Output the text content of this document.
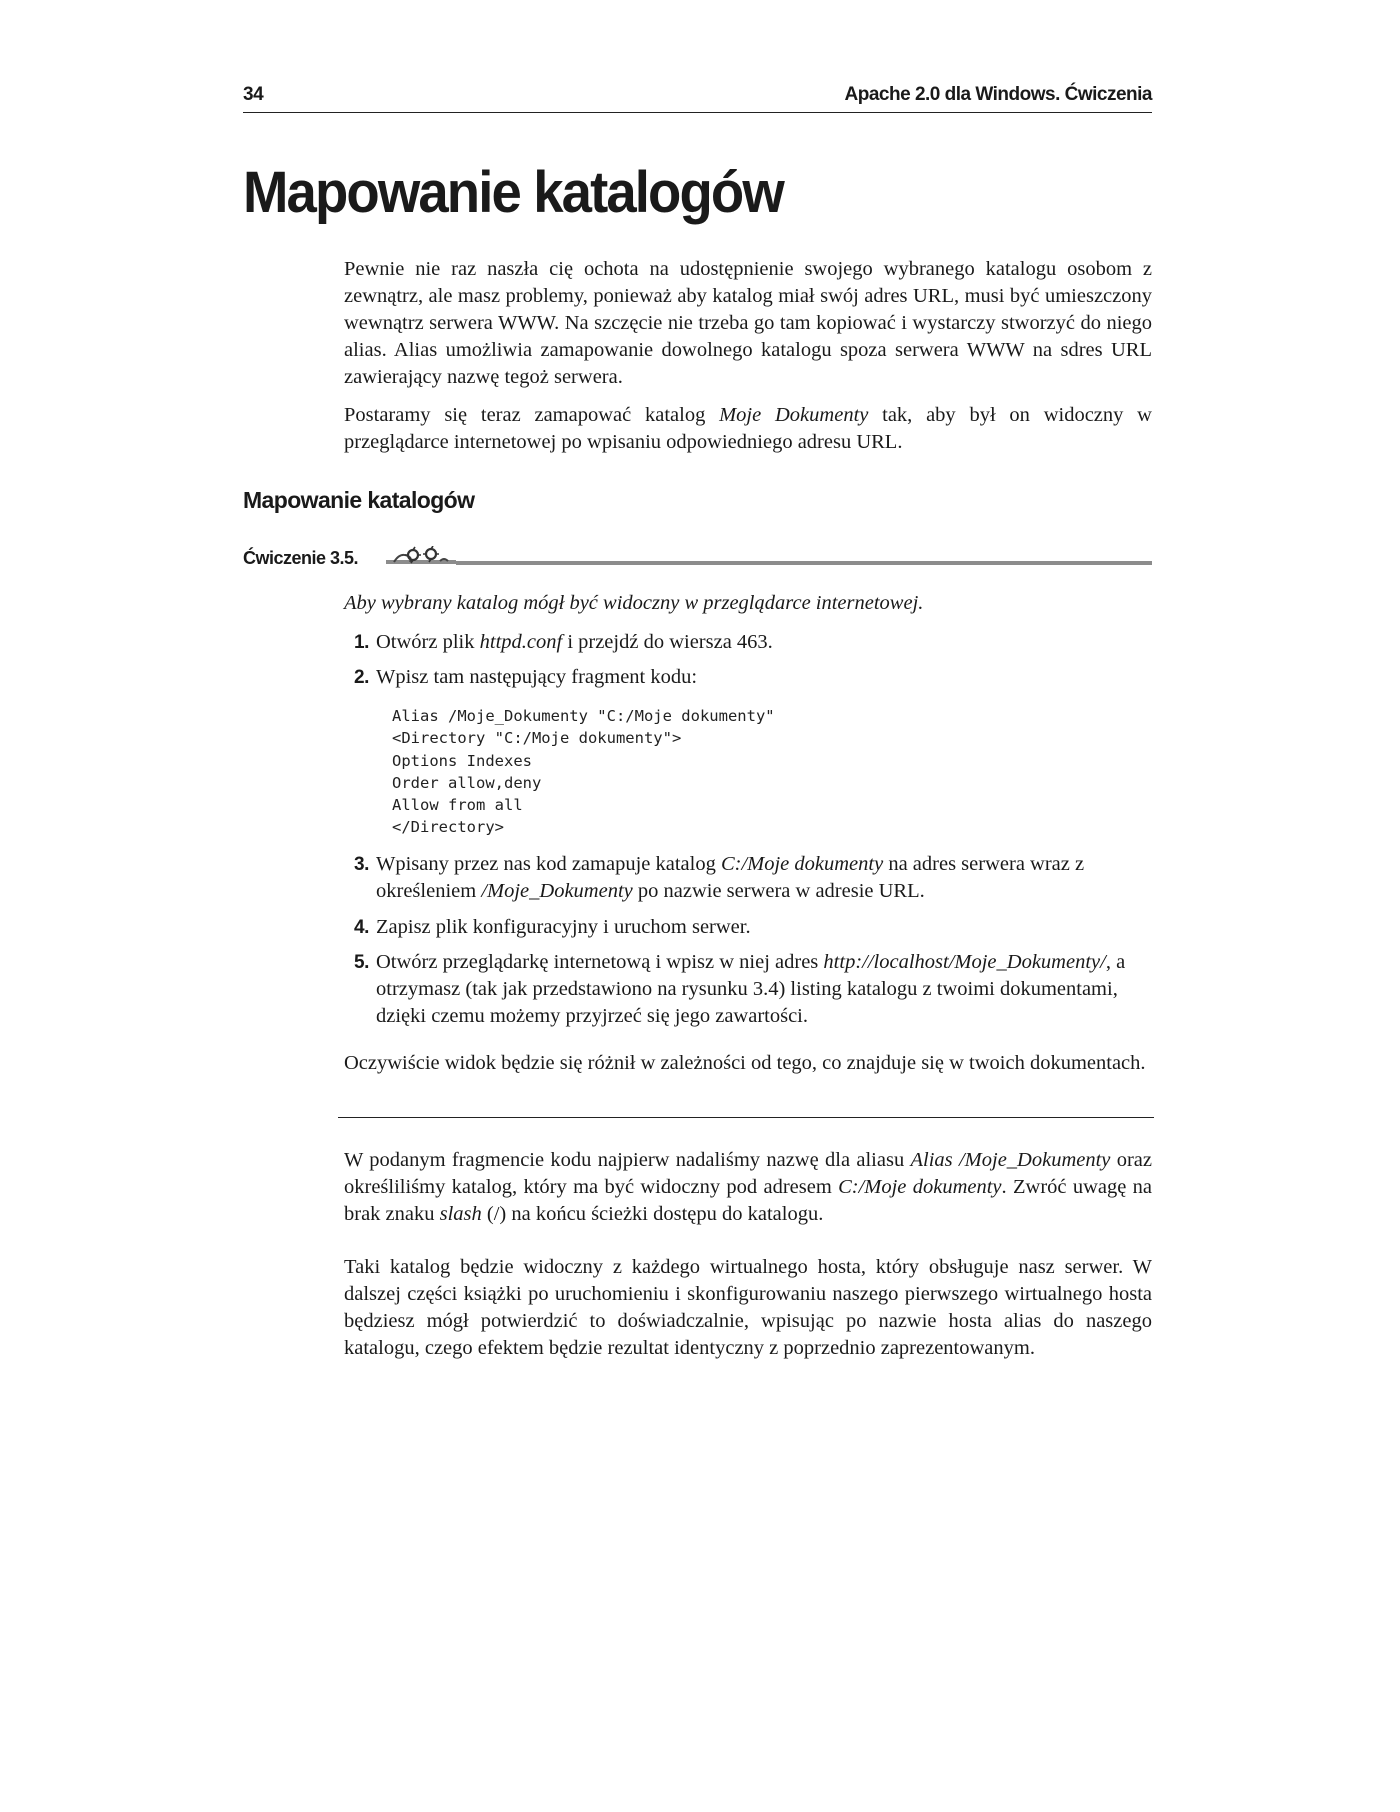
34	Apache 2.0 dla Windows. Ćwiczenia
Mapowanie katalogów

Pewnie nie raz naszła cię ochota na udostępnienie swojego wybranego katalogu osobom z zewnątrz, ale masz problemy, ponieważ aby katalog miał swój adres URL, musi być umieszczony wewnątrz serwera WWW. Na szczęcie nie trzeba go tam kopiować i wystarczy stworzyć do niego alias. Alias umożliwia zamapowanie dowolnego katalogu spoza serwera WWW na sdres URL zawierający nazwę tegoż serwera.

Postaramy się teraz zamapować katalog Moje Dokumenty tak, aby był on widoczny w przeglądarce internetowej po wpisaniu odpowiedniego adresu URL.

Mapowanie katalogów
Ćwiczenie 3.5.
Aby wybrany katalog mógł być widoczny w przeglądarce internetowej.
1. Otwórz plik httpd.conf i przejdź do wiersza 463.
2. Wpisz tam następujący fragment kodu:
Alias /Moje_Dokumenty "C:/Moje dokumenty"
<Directory "C:/Moje dokumenty">
Options Indexes
Order allow,deny
Allow from all
</Directory>
3. Wpisany przez nas kod zamapuje katalog C:/Moje dokumenty na adres serwera wraz z określeniem /Moje_Dokumenty po nazwie serwera w adresie URL.
4. Zapisz plik konfiguracyjny i uruchom serwer.
5. Otwórz przeglądarkę internetową i wpisz w niej adres http://localhost/Moje_Dokumenty/, a otrzymasz (tak jak przedstawiono na rysunku 3.4) listing katalogu z twoimi dokumentami, dzięki czemu możemy przyjrzeć się jego zawartości.

Oczywiście widok będzie się różnił w zależności od tego, co znajduje się w twoich dokumentach.

W podanym fragmencie kodu najpierw nadaliśmy nazwę dla aliasu Alias /Moje_Dokumenty oraz określiliśmy katalog, który ma być widoczny pod adresem C:/Moje dokumenty. Zwróć uwagę na brak znaku slash (/) na końcu ścieżki dostępu do katalogu.

Taki katalog będzie widoczny z każdego wirtualnego hosta, który obsługuje nasz serwer. W dalszej części książki po uruchomieniu i skonfigurowaniu naszego pierwszego wirtualnego hosta będziesz mógł potwierdzić to doświadczalnie, wpisując po nazwie hosta alias do naszego katalogu, czego efektem będzie rezultat identyczny z poprzednio zaprezentowanym.
